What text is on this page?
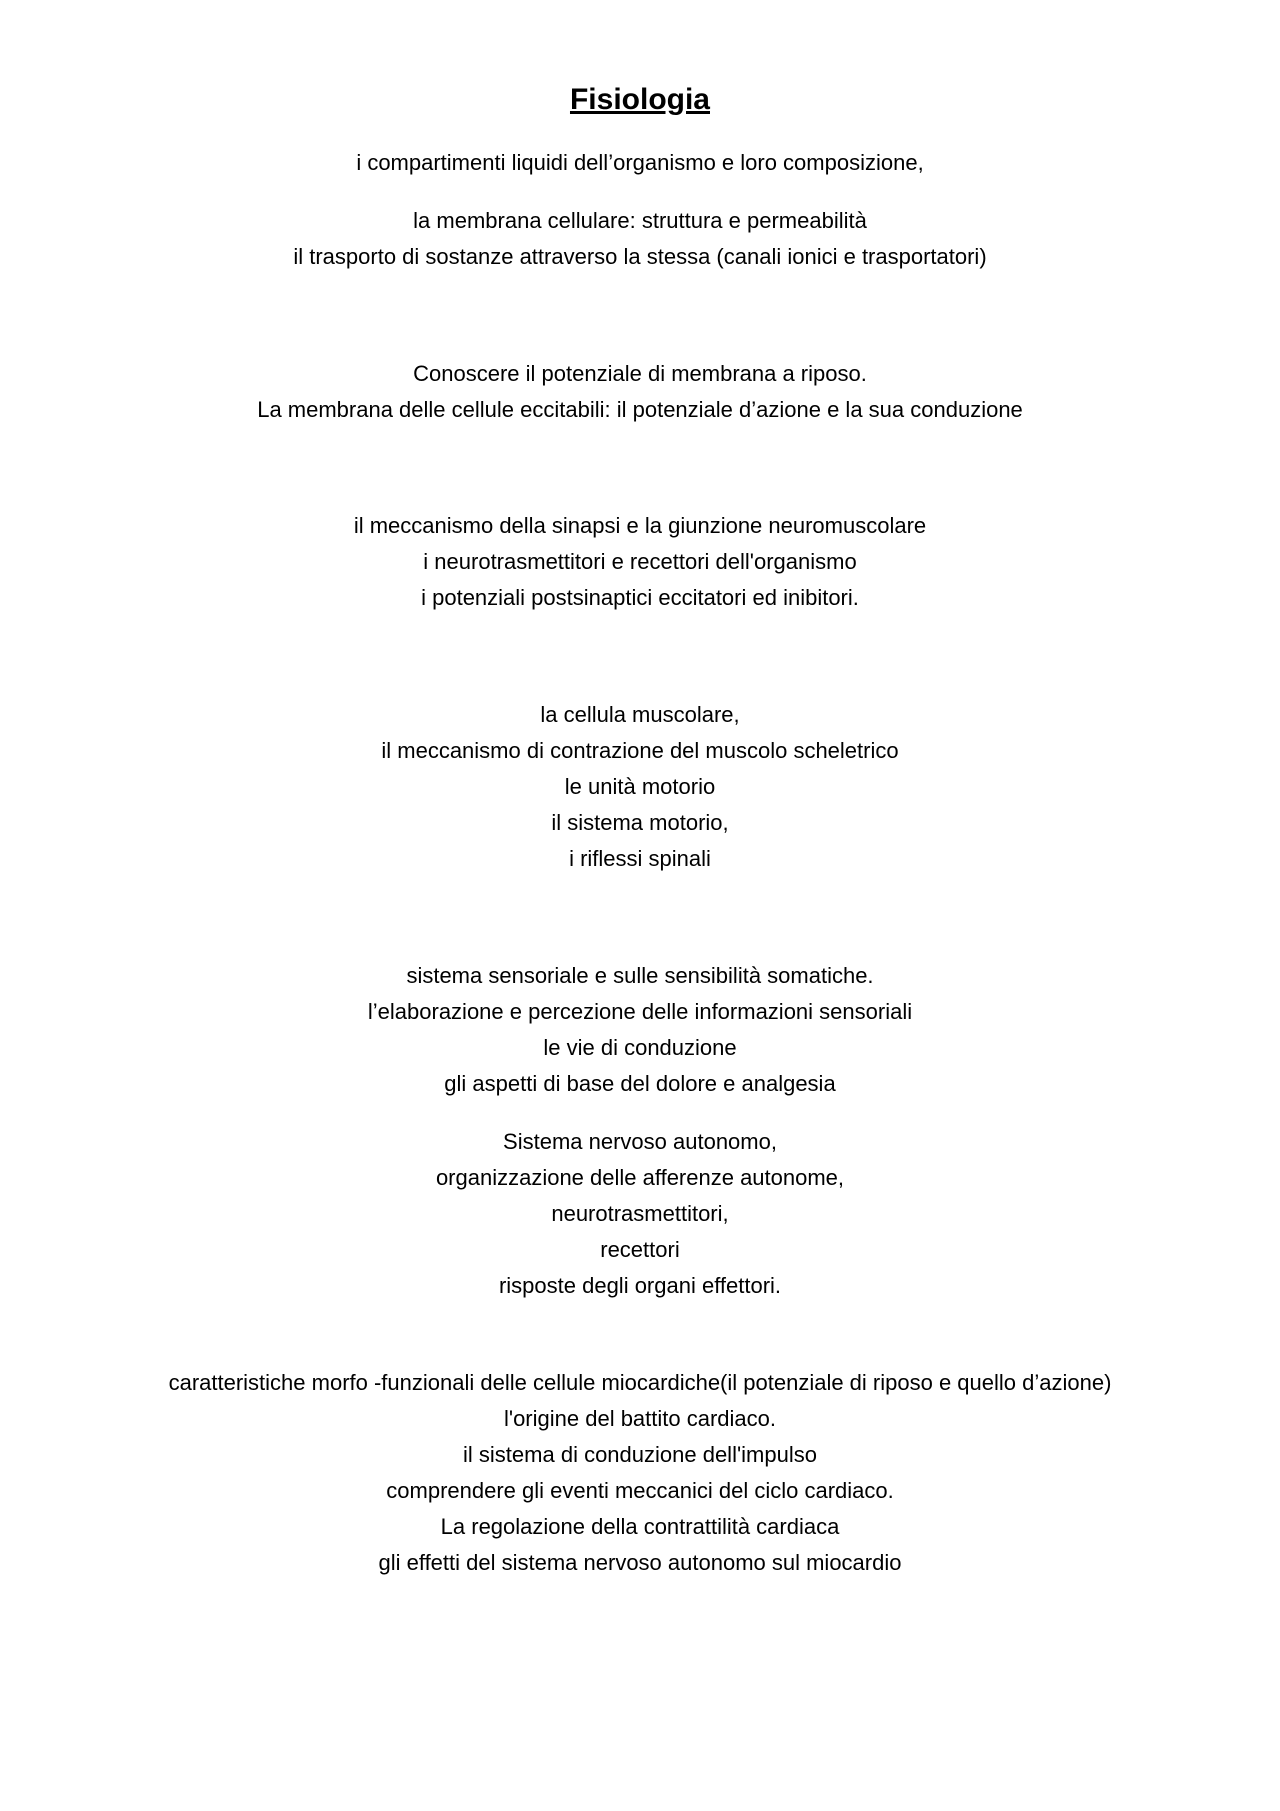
Fisiologia
i compartimenti liquidi dell’organismo e loro composizione,
la membrana cellulare: struttura e permeabilità
il trasporto di sostanze attraverso la stessa (canali ionici e trasportatori)
Conoscere il potenziale di membrana a riposo.
La membrana delle cellule eccitabili: il potenziale d’azione e la sua conduzione
il meccanismo della sinapsi e la giunzione neuromuscolare
i neurotrasmettitori e recettori dell'organismo
i potenziali postsinaptici eccitatori ed inibitori.
la cellula muscolare,
il meccanismo di contrazione del muscolo scheletrico
le unità motorio
il sistema motorio,
i riflessi spinali
sistema sensoriale e sulle sensibilità somatiche.
l’elaborazione e percezione delle informazioni sensoriali
le vie di conduzione
gli aspetti di base del dolore e analgesia
Sistema nervoso autonomo,
organizzazione delle afferenze autonome,
neurotrasmettitori,
recettori
risposte degli organi effettori.
caratteristiche morfo -funzionali delle cellule miocardiche(il potenziale di riposo e quello d’azione)
l'origine del battito cardiaco.
il sistema di conduzione dell'impulso
comprendere gli eventi meccanici del ciclo cardiaco.
La regolazione della contrattilità cardiaca
gli effetti del sistema nervoso autonomo sul miocardio
